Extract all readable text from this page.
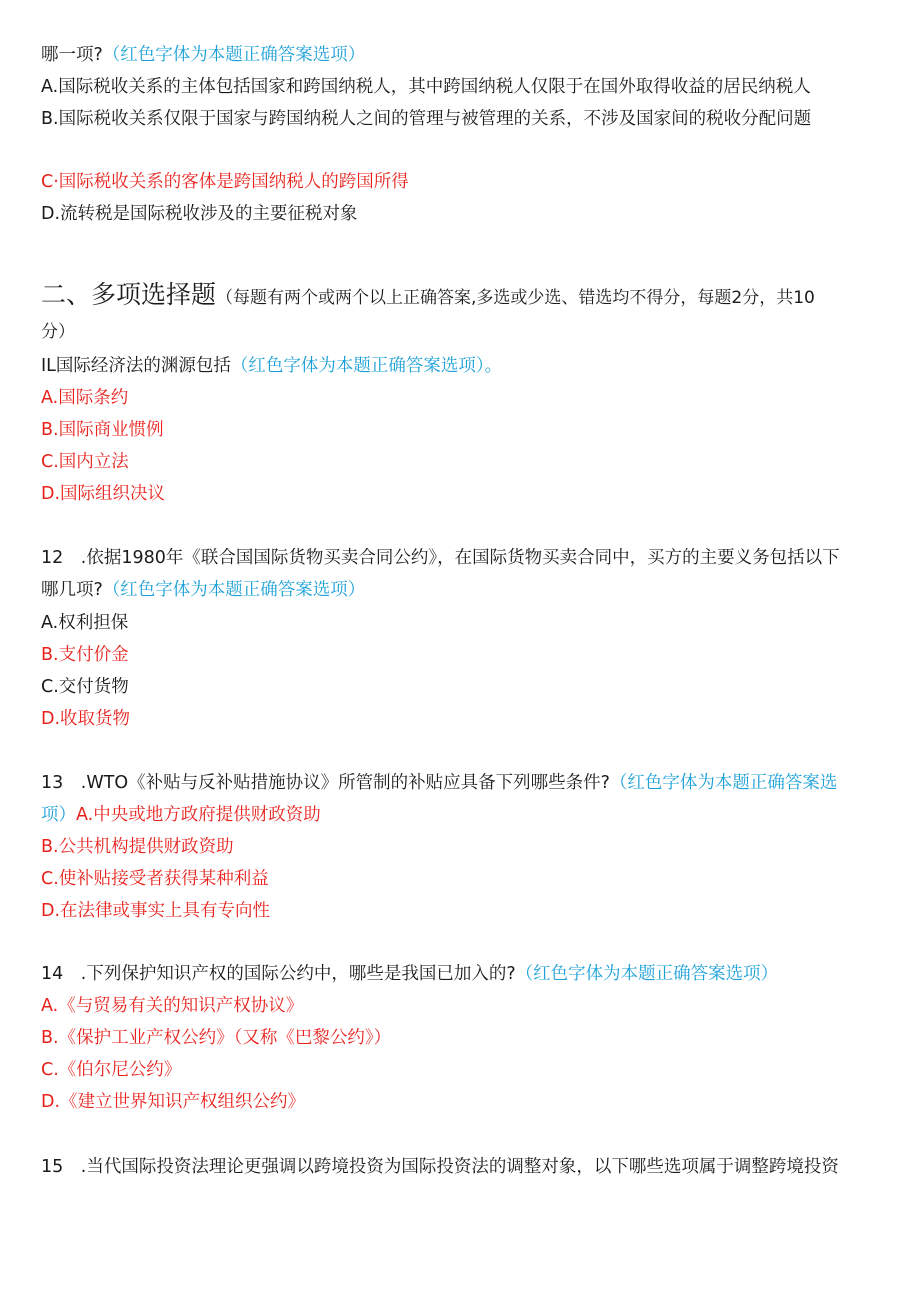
哪一项?（红色字体为本题正确答案选项）
A.国际税收关系的主体包括国家和跨国纳税人，其中跨国纳税人仅限于在国外取得收益的居民纳税人
B.国际税收关系仅限于国家与跨国纳税人之间的管理与被管理的关系，不涉及国家间的税收分配问题
C·国际税收关系的客体是跨国纳税人的跨国所得
D.流转税是国际税收涉及的主要征税对象
二、多项选择题（每题有两个或两个以上正确答案,多选或少选、错选均不得分，每题2分，共10
分）
IL国际经济法的渊源包括（红色字体为本题正确答案选项）。
A.国际条约
B.国际商业惯例
C.国内立法
D.国际组织决议
12　.依据1980年《联合国国际货物买卖合同公约》，在国际货物买卖合同中，买方的主要义务包括以下
哪几项?（红色字体为本题正确答案选项）
A.权利担保
B.支付价金
C.交付货物
D.收取货物
13　.WTO《补贴与反补贴措施协议》所管制的补贴应具备下列哪些条件?（红色字体为本题正确答案选
项）A.中央或地方政府提供财政资助
B.公共机构提供财政资助
C.使补贴接受者获得某种利益
D.在法律或事实上具有专向性
14　.下列保护知识产权的国际公约中，哪些是我国已加入的?（红色字体为本题正确答案选项）
A.《与贸易有关的知识产权协议》
B.《保护工业产权公约》（又称《巴黎公约》）
C.《伯尔尼公约》
D.《建立世界知识产权组织公约》
15　.当代国际投资法理论更强调以跨境投资为国际投资法的调整对象，以下哪些选项属于调整跨境投资
